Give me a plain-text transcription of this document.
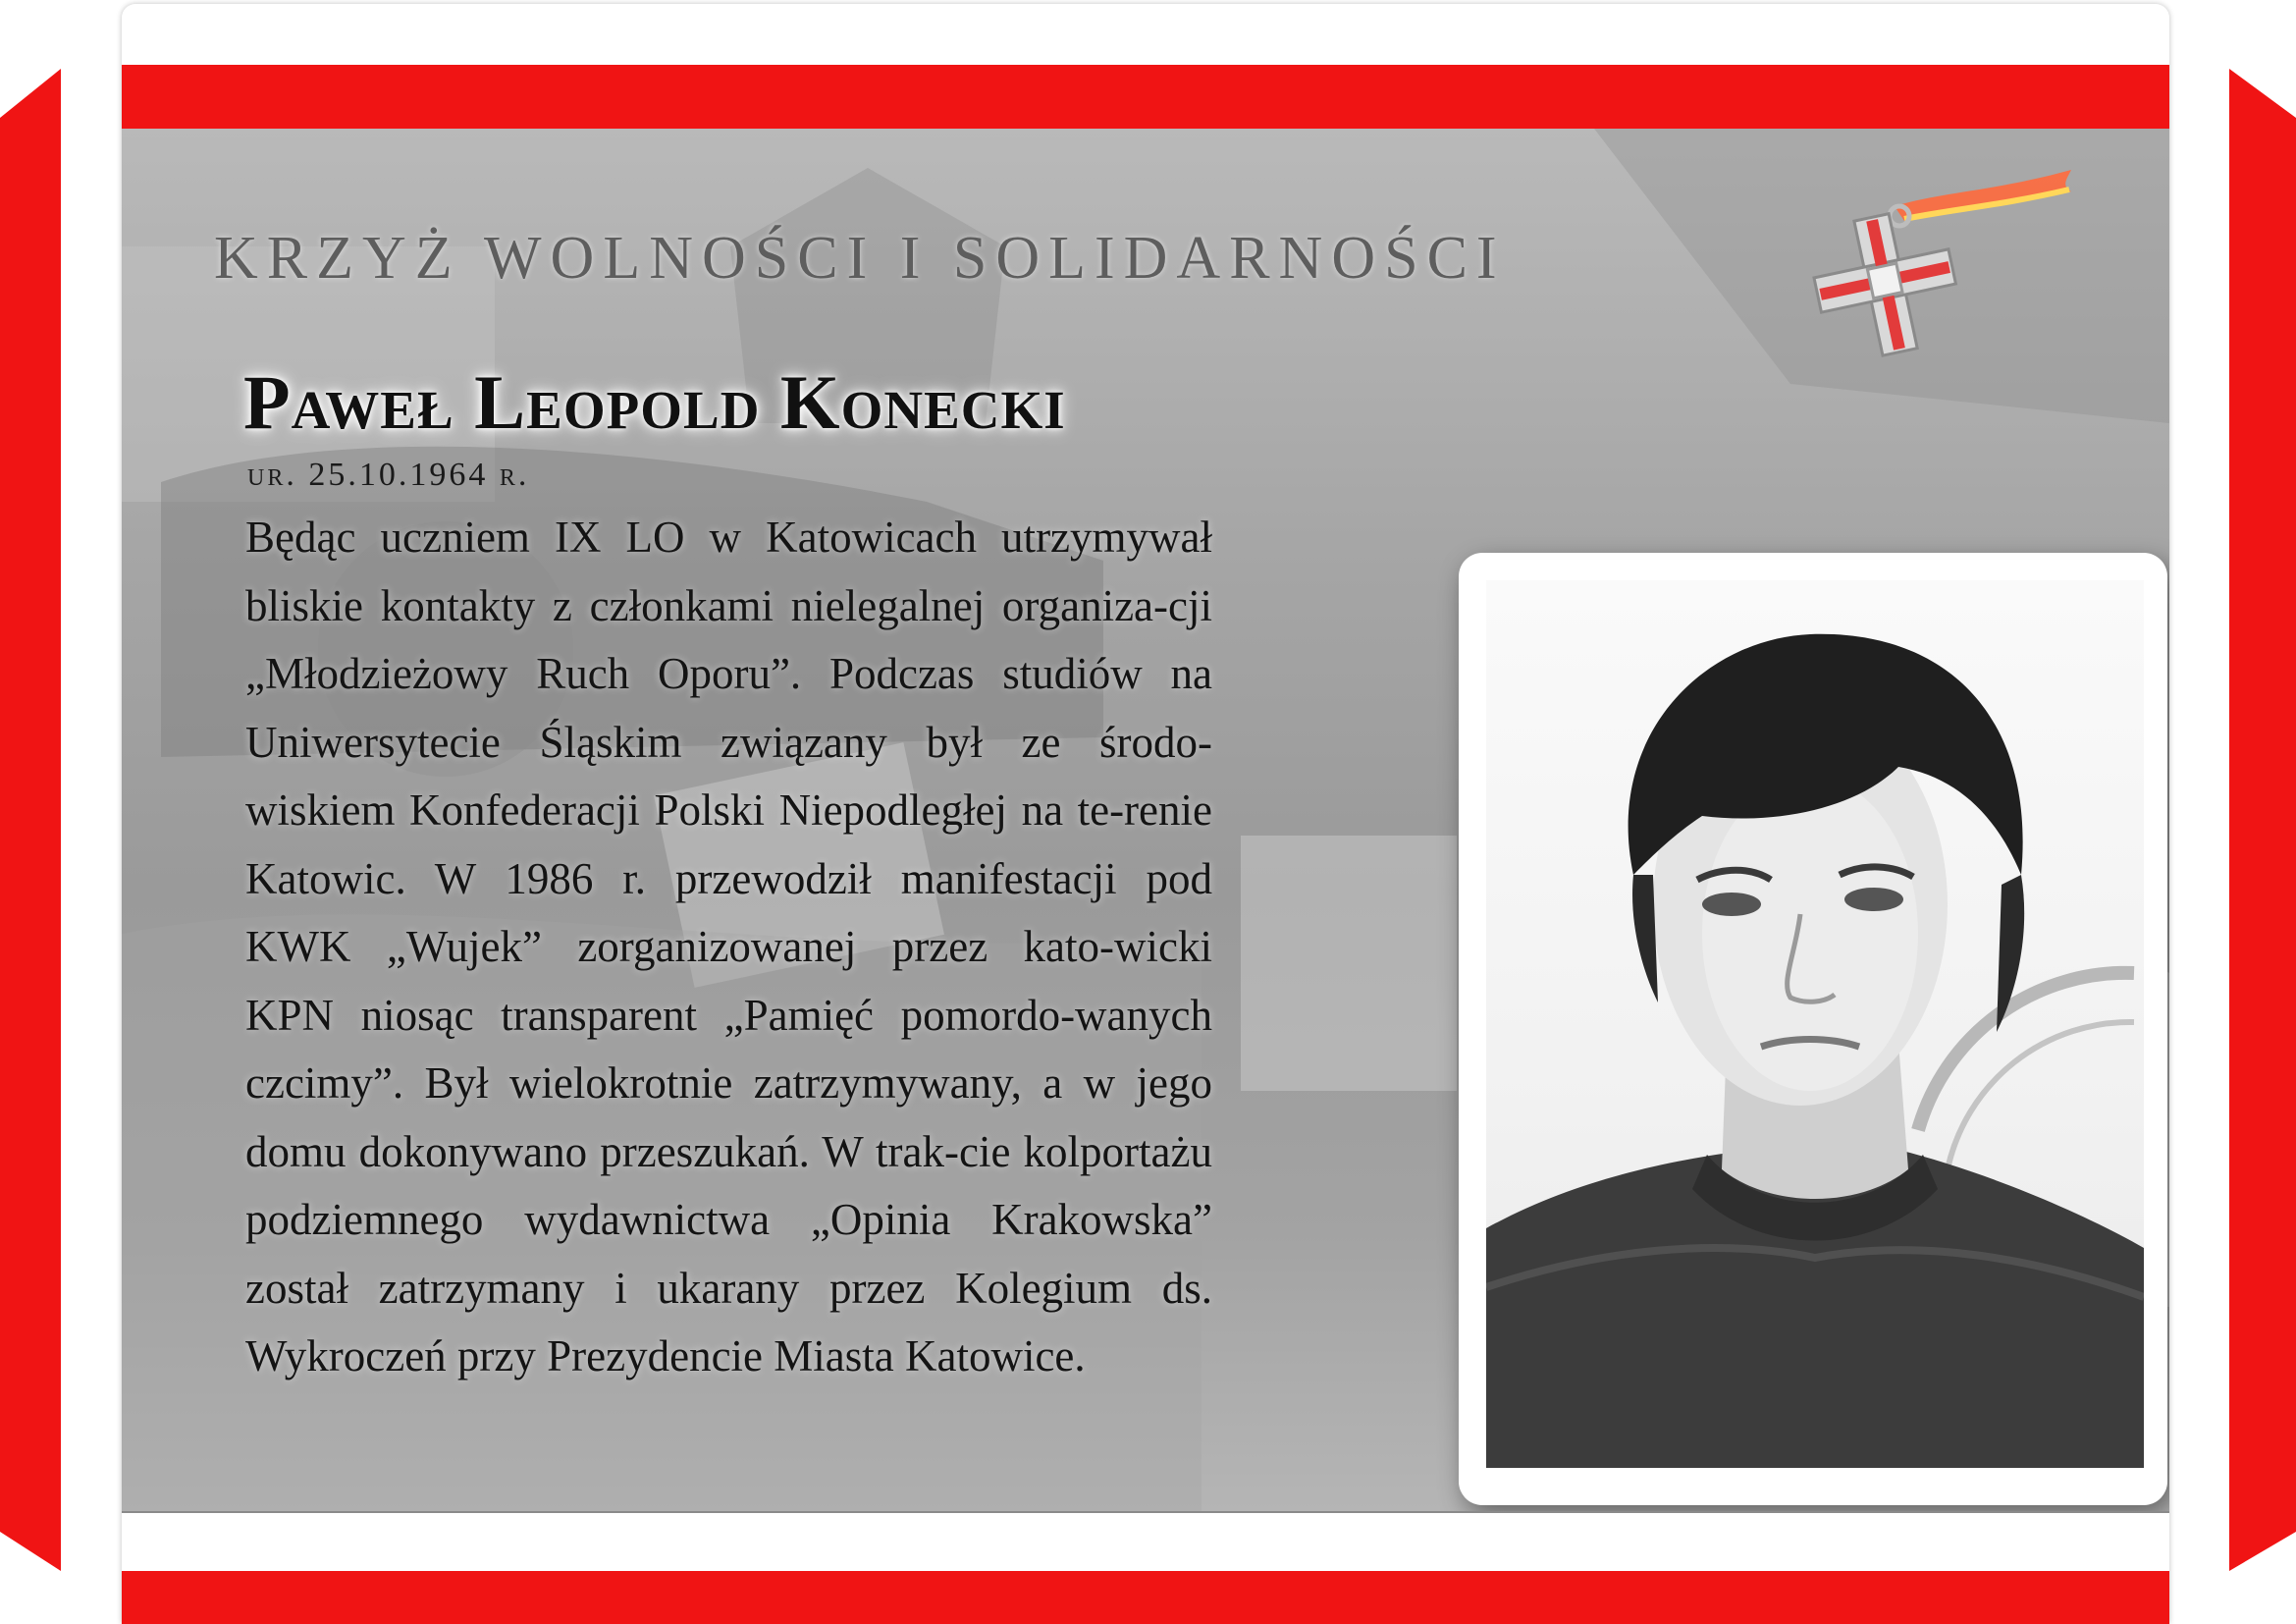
KRZYŻ WOLNOŚCI I SOLIDARNOŚCI
Paweł Leopold Konecki
ur. 25.10.1964 r.
Będąc uczniem IX LO w Katowicach utrzymywał bliskie kontakty z członkami nielegalnej organiza-cji „Młodzieżowy Ruch Oporu”. Podczas studiów na Uniwersytecie Śląskim związany był ze środo-wiskiem Konfederacji Polski Niepodległej na te-renie Katowic. W 1986 r. przewodził manifestacji pod KWK „Wujek” zorganizowanej przez kato-wicki KPN niosąc transparent „Pamięć pomordo-wanych czcimy”. Był wielokrotnie zatrzymywany, a w jego domu dokonywano przeszukań. W trak-cie kolportażu podziemnego wydawnictwa „Opinia Krakowska” został zatrzymany i ukarany przez Kolegium ds. Wykroczeń przy Prezydencie Miasta Katowice.
